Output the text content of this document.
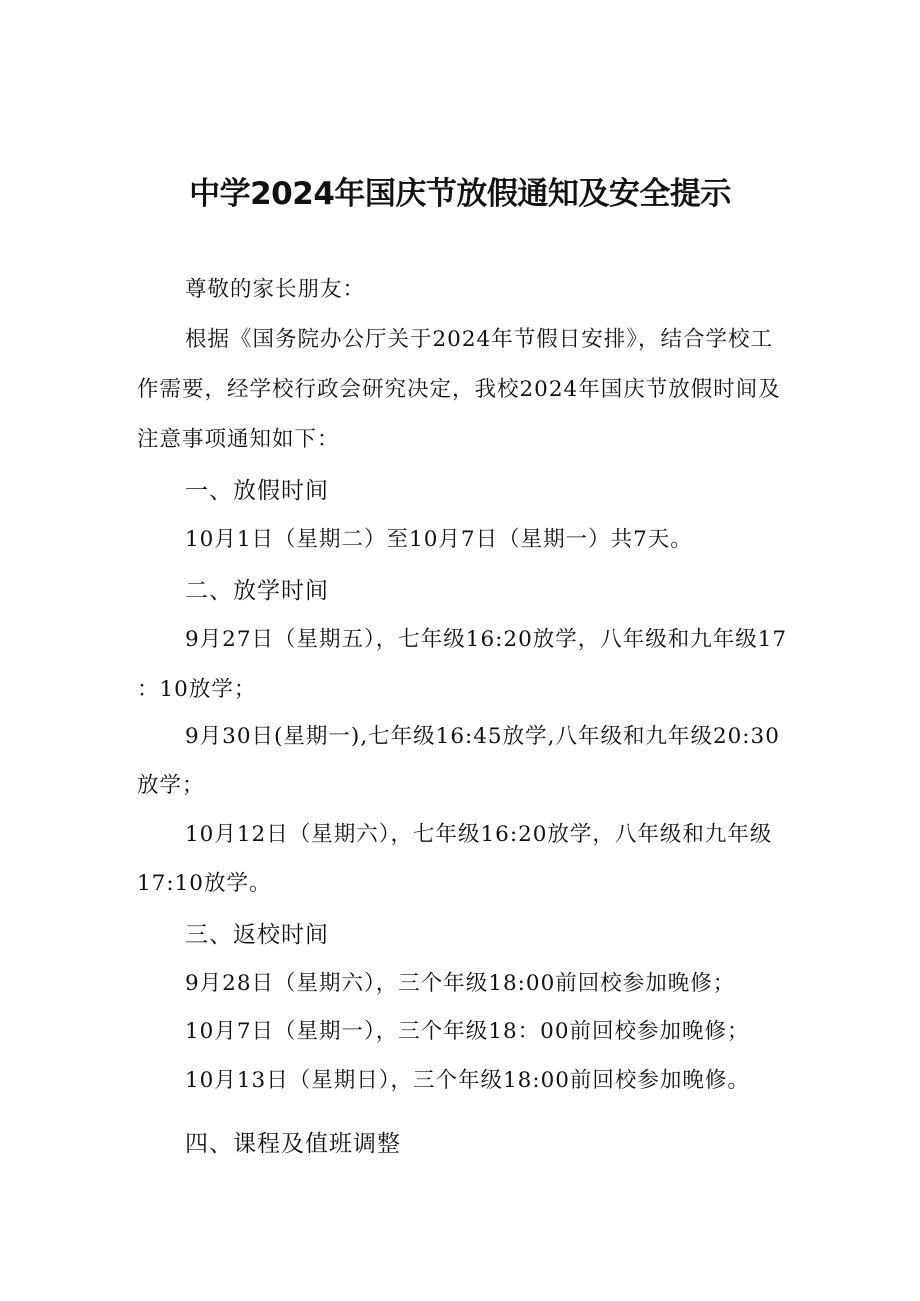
中学2024年国庆节放假通知及安全提示

尊敬的家长朋友：

根据《国务院办公厅关于2024年节假日安排》，结合学校工

作需要，经学校行政会研究决定，我校2024年国庆节放假时间及

注意事项通知如下：

一、放假时间

10月1日（星期二）至10月7日（星期一）共7天。

二、放学时间

9月27日（星期五），七年级16:20放学，八年级和九年级17

：10放学；

9月30日(星期一),七年级16:45放学,八年级和九年级20:30

放学；

10月12日（星期六），七年级16:20放学，八年级和九年级

17:10放学。

三、返校时间

9月28日（星期六），三个年级18:00前回校参加晚修；

10月7日（星期一），三个年级18：00前回校参加晚修；

10月13日（星期日），三个年级18:00前回校参加晚修。

四、课程及值班调整
